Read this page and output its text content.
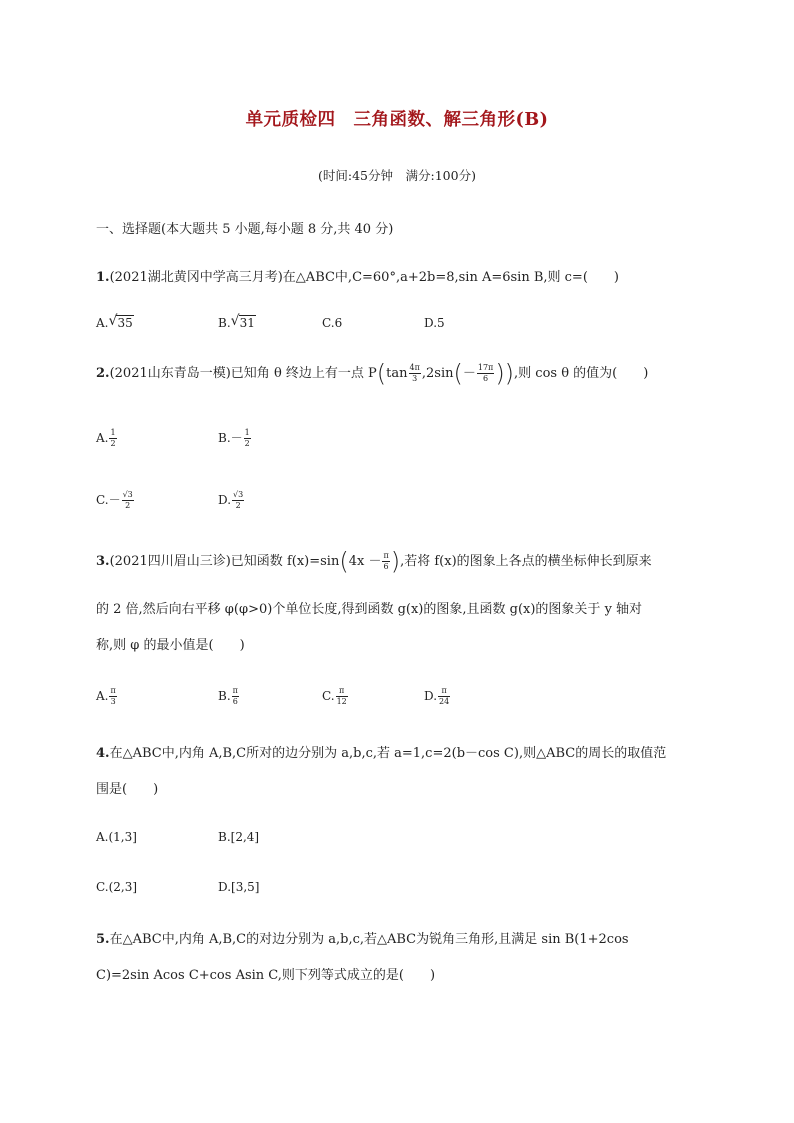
单元质检四　三角函数、解三角形(B)
(时间:45分钟　满分:100分)
一、选择题(本大题共 5 小题,每小题 8 分,共 40 分)
1.(2021湖北黄冈中学高三月考)在△ABC中,C=60°,a+2b=8,sin A=6sin B,则 c=(　　)
A. √ 35	B. √ 31	C.6	D.5
2.(2021山东青岛一模)已知角 θ 终边上有一点 $P(\tan \frac{4\pi}{3} ,2\sin(- \frac{17\pi}{6}$ )),则 cos θ 的值为(　　)
A. $\frac{1}{2}$	$B.- \frac{1}{2}$
$C.- \frac{√3}{2}$	D. $\frac{√3}{2}$
3.(2021四川眉山三诊)已知函数 $f(x)=\sin(4x - \frac{\pi}{6}$ ),若将 f(x)的图象上各点的横坐标伸长到原来
的 2 倍,然后向右平移 φ(φ>0)个单位长度,得到函数 g(x)的图象,且函数 g(x)的图象关于 y 轴对
称,则 φ 的最小值是(　　)
A. $\frac{\pi}{3}$	B. $\frac{\pi}{6}$	C. $\frac{\pi}{12}$	D. $\frac{\pi}{24}$
4.在△ABC中,内角 A,B,C所对的边分别为 a,b,c,若 a=1,c=2(b－cos C),则△ABC的周长的取值范
围是(　　)
A.(1,3]	B.[2,4]
C.(2,3]	D.[3,5]
5.在△ABC中,内角 A,B,C的对边分别为 a,b,c,若△ABC为锐角三角形,且满足 sin B(1+2cos
C)=2sin Acos C+cos Asin C,则下列等式成立的是(　　)
